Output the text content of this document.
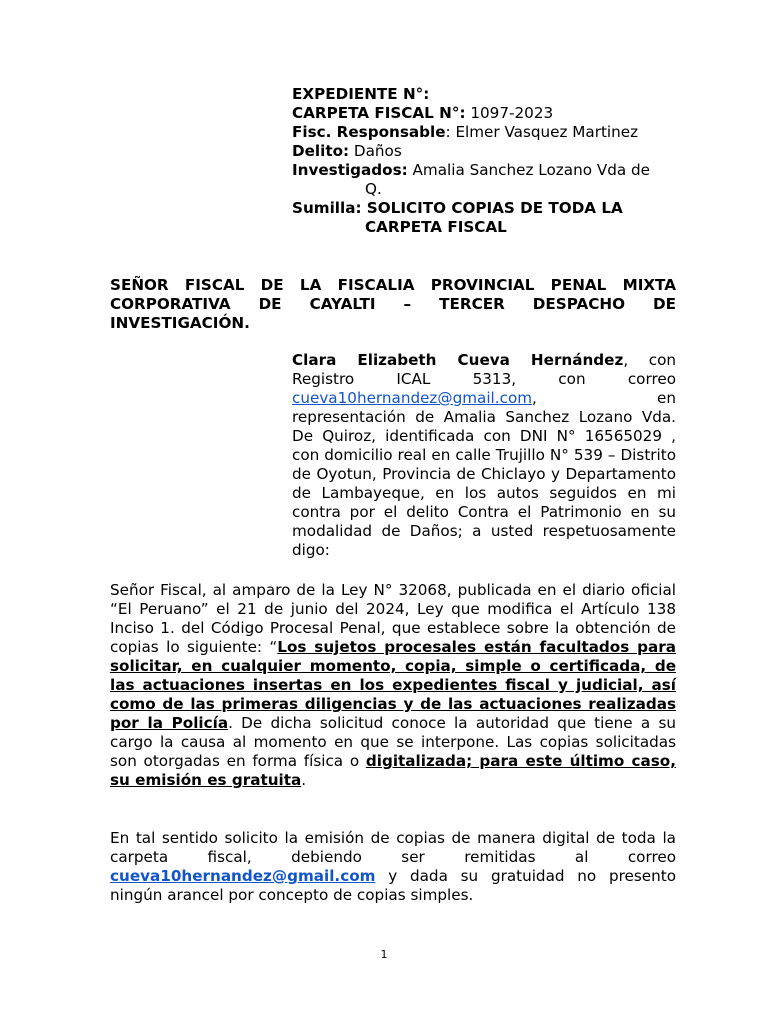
EXPEDIENTE N°:
CARPETA FISCAL N°: 1097-2023
Fisc. Responsable: Elmer Vasquez Martinez
Delito: Daños
Investigados: Amalia Sanchez Lozano Vda de
Q.
Sumilla: SOLICITO COPIAS DE TODA LA
CARPETA FISCAL
SEÑOR FISCAL DE LA FISCALIA PROVINCIAL PENAL MIXTA CORPORATIVA DE CAYALTI – TERCER DESPACHO DE INVESTIGACIÓN.
Clara Elizabeth Cueva Hernández, con Registro ICAL 5313, con correo cueva10hernandez@gmail.com, en representación de Amalia Sanchez Lozano Vda. De Quiroz, identificada con DNI N° 16565029 , con domicilio real en calle Trujillo N° 539 – Distrito de Oyotun, Provincia de Chiclayo y Departamento de Lambayeque, en los autos seguidos en mi contra por el delito Contra el Patrimonio en su modalidad de Daños; a usted respetuosamente digo:
Señor Fiscal, al amparo de la Ley N° 32068, publicada en el diario oficial “El Peruano” el 21 de junio del 2024, Ley que modifica el Artículo 138 Inciso 1. del Código Procesal Penal, que establece sobre la obtención de copias lo siguiente: “Los sujetos procesales están facultados para solicitar, en cualquier momento, copia, simple o certificada, de las actuaciones insertas en los expedientes fiscal y judicial, así como de las primeras diligencias y de las actuaciones realizadas por la Policía. De dicha solicitud conoce la autoridad que tiene a su cargo la causa al momento en que se interpone. Las copias solicitadas son otorgadas en forma física o digitalizada; para este último caso, su emisión es gratuita.
En tal sentido solicito la emisión de copias de manera digital de toda la carpeta fiscal, debiendo ser remitidas al correo cueva10hernandez@gmail.com y dada su gratuidad no presento ningún arancel por concepto de copias simples.
1
